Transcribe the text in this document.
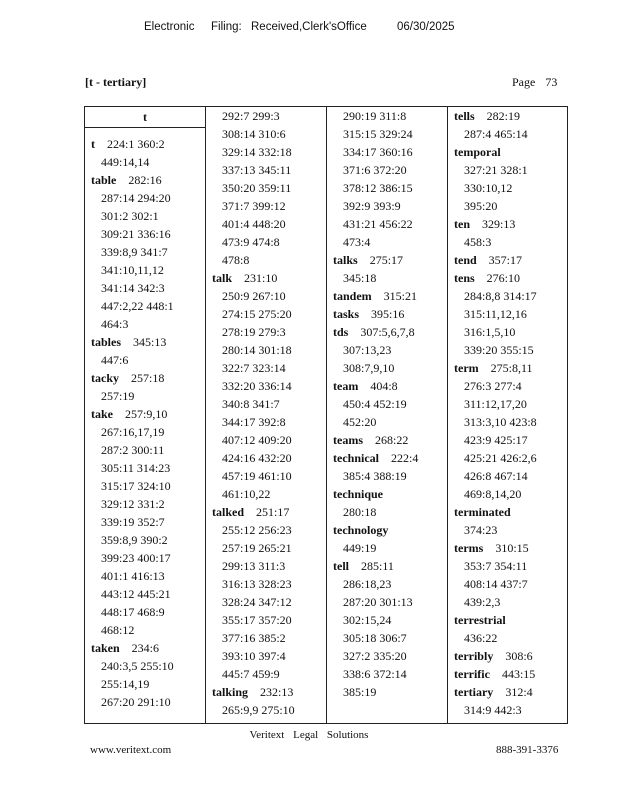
Electronic Filing: Received,Clerk'sOffice	06/30/2025
[t - tertiary]	Page 73
t
t 224:1 360:2
449:14,14
table 282:16
287:14 294:20
301:2 302:1
309:21 336:16
339:8,9 341:7
341:10,11,12
341:14 342:3
447:2,22 448:1
464:3
tables 345:13
447:6
tacky 257:18
257:19
take 257:9,10
267:16,17,19
287:2 300:11
305:11 314:23
315:17 324:10
329:12 331:2
339:19 352:7
359:8,9 390:2
399:23 400:17
401:1 416:13
443:12 445:21
448:17 468:9
468:12
taken 234:6
240:3,5 255:10
255:14,19
267:20 291:10
292:7 299:3
308:14 310:6
329:14 332:18
337:13 345:11
350:20 359:11
371:7 399:12
401:4 448:20
473:9 474:8
478:8
talk 231:10
250:9 267:10
274:15 275:20
278:19 279:3
280:14 301:18
322:7 323:14
332:20 336:14
340:8 341:7
344:17 392:8
407:12 409:20
424:16 432:20
457:19 461:10
461:10,22
talked 251:17
255:12 256:23
257:19 265:21
299:13 311:3
316:13 328:23
328:24 347:12
355:17 357:20
377:16 385:2
393:10 397:4
445:7 459:9
talking 232:13
265:9,9 275:10
290:19 311:8
315:15 329:24
334:17 360:16
371:6 372:20
378:12 386:15
392:9 393:9
431:21 456:22
473:4
talks 275:17
345:18
tandem 315:21
tasks 395:16
tds 307:5,6,7,8
307:13,23
308:7,9,10
team 404:8
450:4 452:19
452:20
teams 268:22
technical 222:4
385:4 388:19
technique
280:18
technology
449:19
tell 285:11
286:18,23
287:20 301:13
302:15,24
305:18 306:7
327:2 335:20
338:6 372:14
385:19
tells 282:19
287:4 465:14
temporal
327:21 328:1
330:10,12
395:20
ten 329:13
458:3
tend 357:17
tens 276:10
284:8,8 314:17
315:11,12,16
316:1,5,10
339:20 355:15
term 275:8,11
276:3 277:4
311:12,17,20
313:3,10 423:8
423:9 425:17
425:21 426:2,6
426:8 467:14
469:8,14,20
terminated
374:23
terms 310:15
353:7 354:11
408:14 437:7
439:2,3
terrestrial
436:22
terribly 308:6
terrific 443:15
tertiary 312:4
314:9 442:3
Veritext Legal Solutions
www.veritext.com	888-391-3376
